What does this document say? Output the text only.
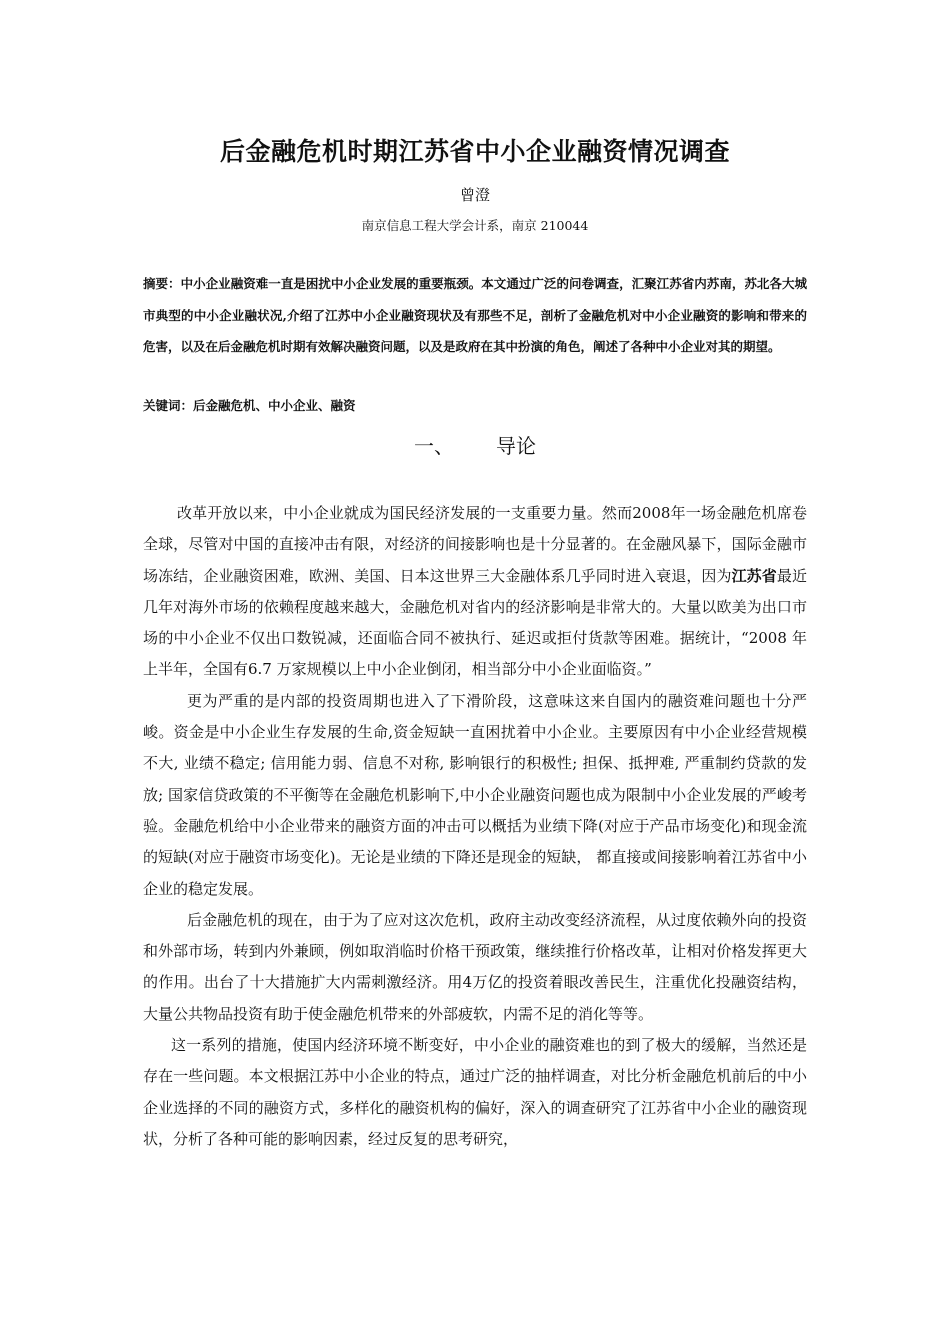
后金融危机时期江苏省中小企业融资情况调查
曾澄
南京信息工程大学会计系，南京 210044
摘要：中小企业融资难一直是困扰中小企业发展的重要瓶颈。本文通过广泛的问卷调查，汇聚江苏省内苏南，苏北各大城市典型的中小企业融状况,介绍了江苏中小企业融资现状及有那些不足，剖析了金融危机对中小企业融资的影响和带来的危害，以及在后金融危机时期有效解决融资问题，以及是政府在其中扮演的角色，阐述了各种中小企业对其的期望。
关键词：后金融危机、中小企业、融资
一、 导论

改革开放以来，中小企业就成为国民经济发展的一支重要力量。然而2008年一场金融危机席卷全球，尽管对中国的直接冲击有限，对经济的间接影响也是十分显著的。在金融风暴下，国际金融市场冻结，企业融资困难，欧洲、美国、日本这世界三大金融体系几乎同时进入衰退，因为江苏省最近几年对海外市场的依赖程度越来越大，金融危机对省内的经济影响是非常大的。大量以欧美为出口市场的中小企业不仅出口数锐减，还面临合同不被执行、延迟或拒付货款等困难。据统计，“2008 年上半年，全国有6.7 万家规模以上中小企业倒闭，相当部分中小企业面临资。”

更为严重的是内部的投资周期也进入了下滑阶段，这意味这来自国内的融资难问题也十分严峻。资金是中小企业生存发展的生命,资金短缺一直困扰着中小企业。主要原因有中小企业经营规模不大, 业绩不稳定; 信用能力弱、信息不对称, 影响银行的积极性; 担保、抵押难, 严重制约贷款的发放; 国家信贷政策的不平衡等在金融危机影响下,中小企业融资问题也成为限制中小企业发展的严峻考验。金融危机给中小企业带来的融资方面的冲击可以概括为业绩下降(对应于产品市场变化)和现金流的短缺(对应于融资市场变化)。无论是业绩的下降还是现金的短缺， 都直接或间接影响着江苏省中小企业的稳定发展。

后金融危机的现在，由于为了应对这次危机，政府主动改变经济流程，从过度依赖外向的投资和外部市场，转到内外兼顾，例如取消临时价格干预政策，继续推行价格改革，让相对价格发挥更大的作用。出台了十大措施扩大内需刺激经济。用4万亿的投资着眼改善民生，注重优化投融资结构，大量公共物品投资有助于使金融危机带来的外部疲软，内需不足的消化等等。

这一系列的措施，使国内经济环境不断变好，中小企业的融资难也的到了极大的缓解，当然还是存在一些问题。本文根据江苏中小企业的特点，通过广泛的抽样调查，对比分析金融危机前后的中小企业选择的不同的融资方式，多样化的融资机构的偏好，深入的调查研究了江苏省中小企业的融资现状，分析了各种可能的影响因素，经过反复的思考研究，
